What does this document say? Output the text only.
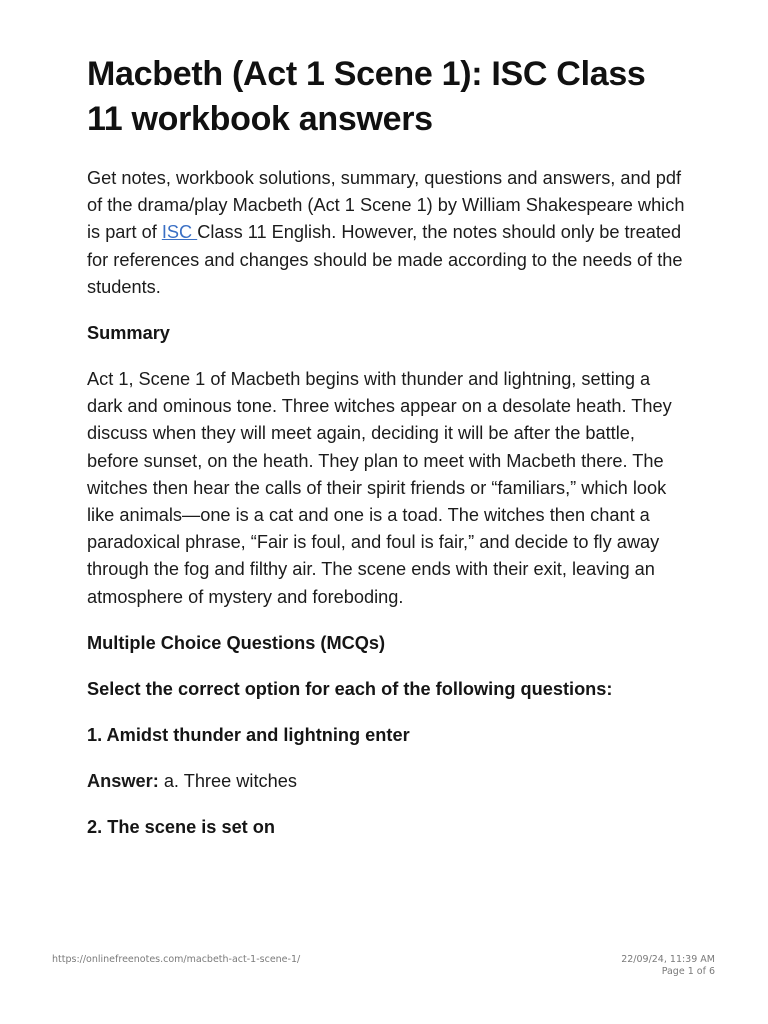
Macbeth (Act 1 Scene 1): ISC Class 11 workbook answers

Get notes, workbook solutions, summary, questions and answers, and pdf of the drama/play Macbeth (Act 1 Scene 1) by William Shakespeare which is part of ISC Class 11 English. However, the notes should only be treated for references and changes should be made according to the needs of the students.

Summary

Act 1, Scene 1 of Macbeth begins with thunder and lightning, setting a dark and ominous tone. Three witches appear on a desolate heath. They discuss when they will meet again, deciding it will be after the battle, before sunset, on the heath. They plan to meet with Macbeth there. The witches then hear the calls of their spirit friends or “familiars,” which look like animals—one is a cat and one is a toad. The witches then chant a paradoxical phrase, “Fair is foul, and foul is fair,” and decide to fly away through the fog and filthy air. The scene ends with their exit, leaving an atmosphere of mystery and foreboding.

Multiple Choice Questions (MCQs)

Select the correct option for each of the following questions:

1. Amidst thunder and lightning enter

Answer: a. Three witches

2. The scene is set on

https://onlinefreenotes.com/macbeth-act-1-scene-1/	22/09/24, 11:39 AM
Page 1 of 6
